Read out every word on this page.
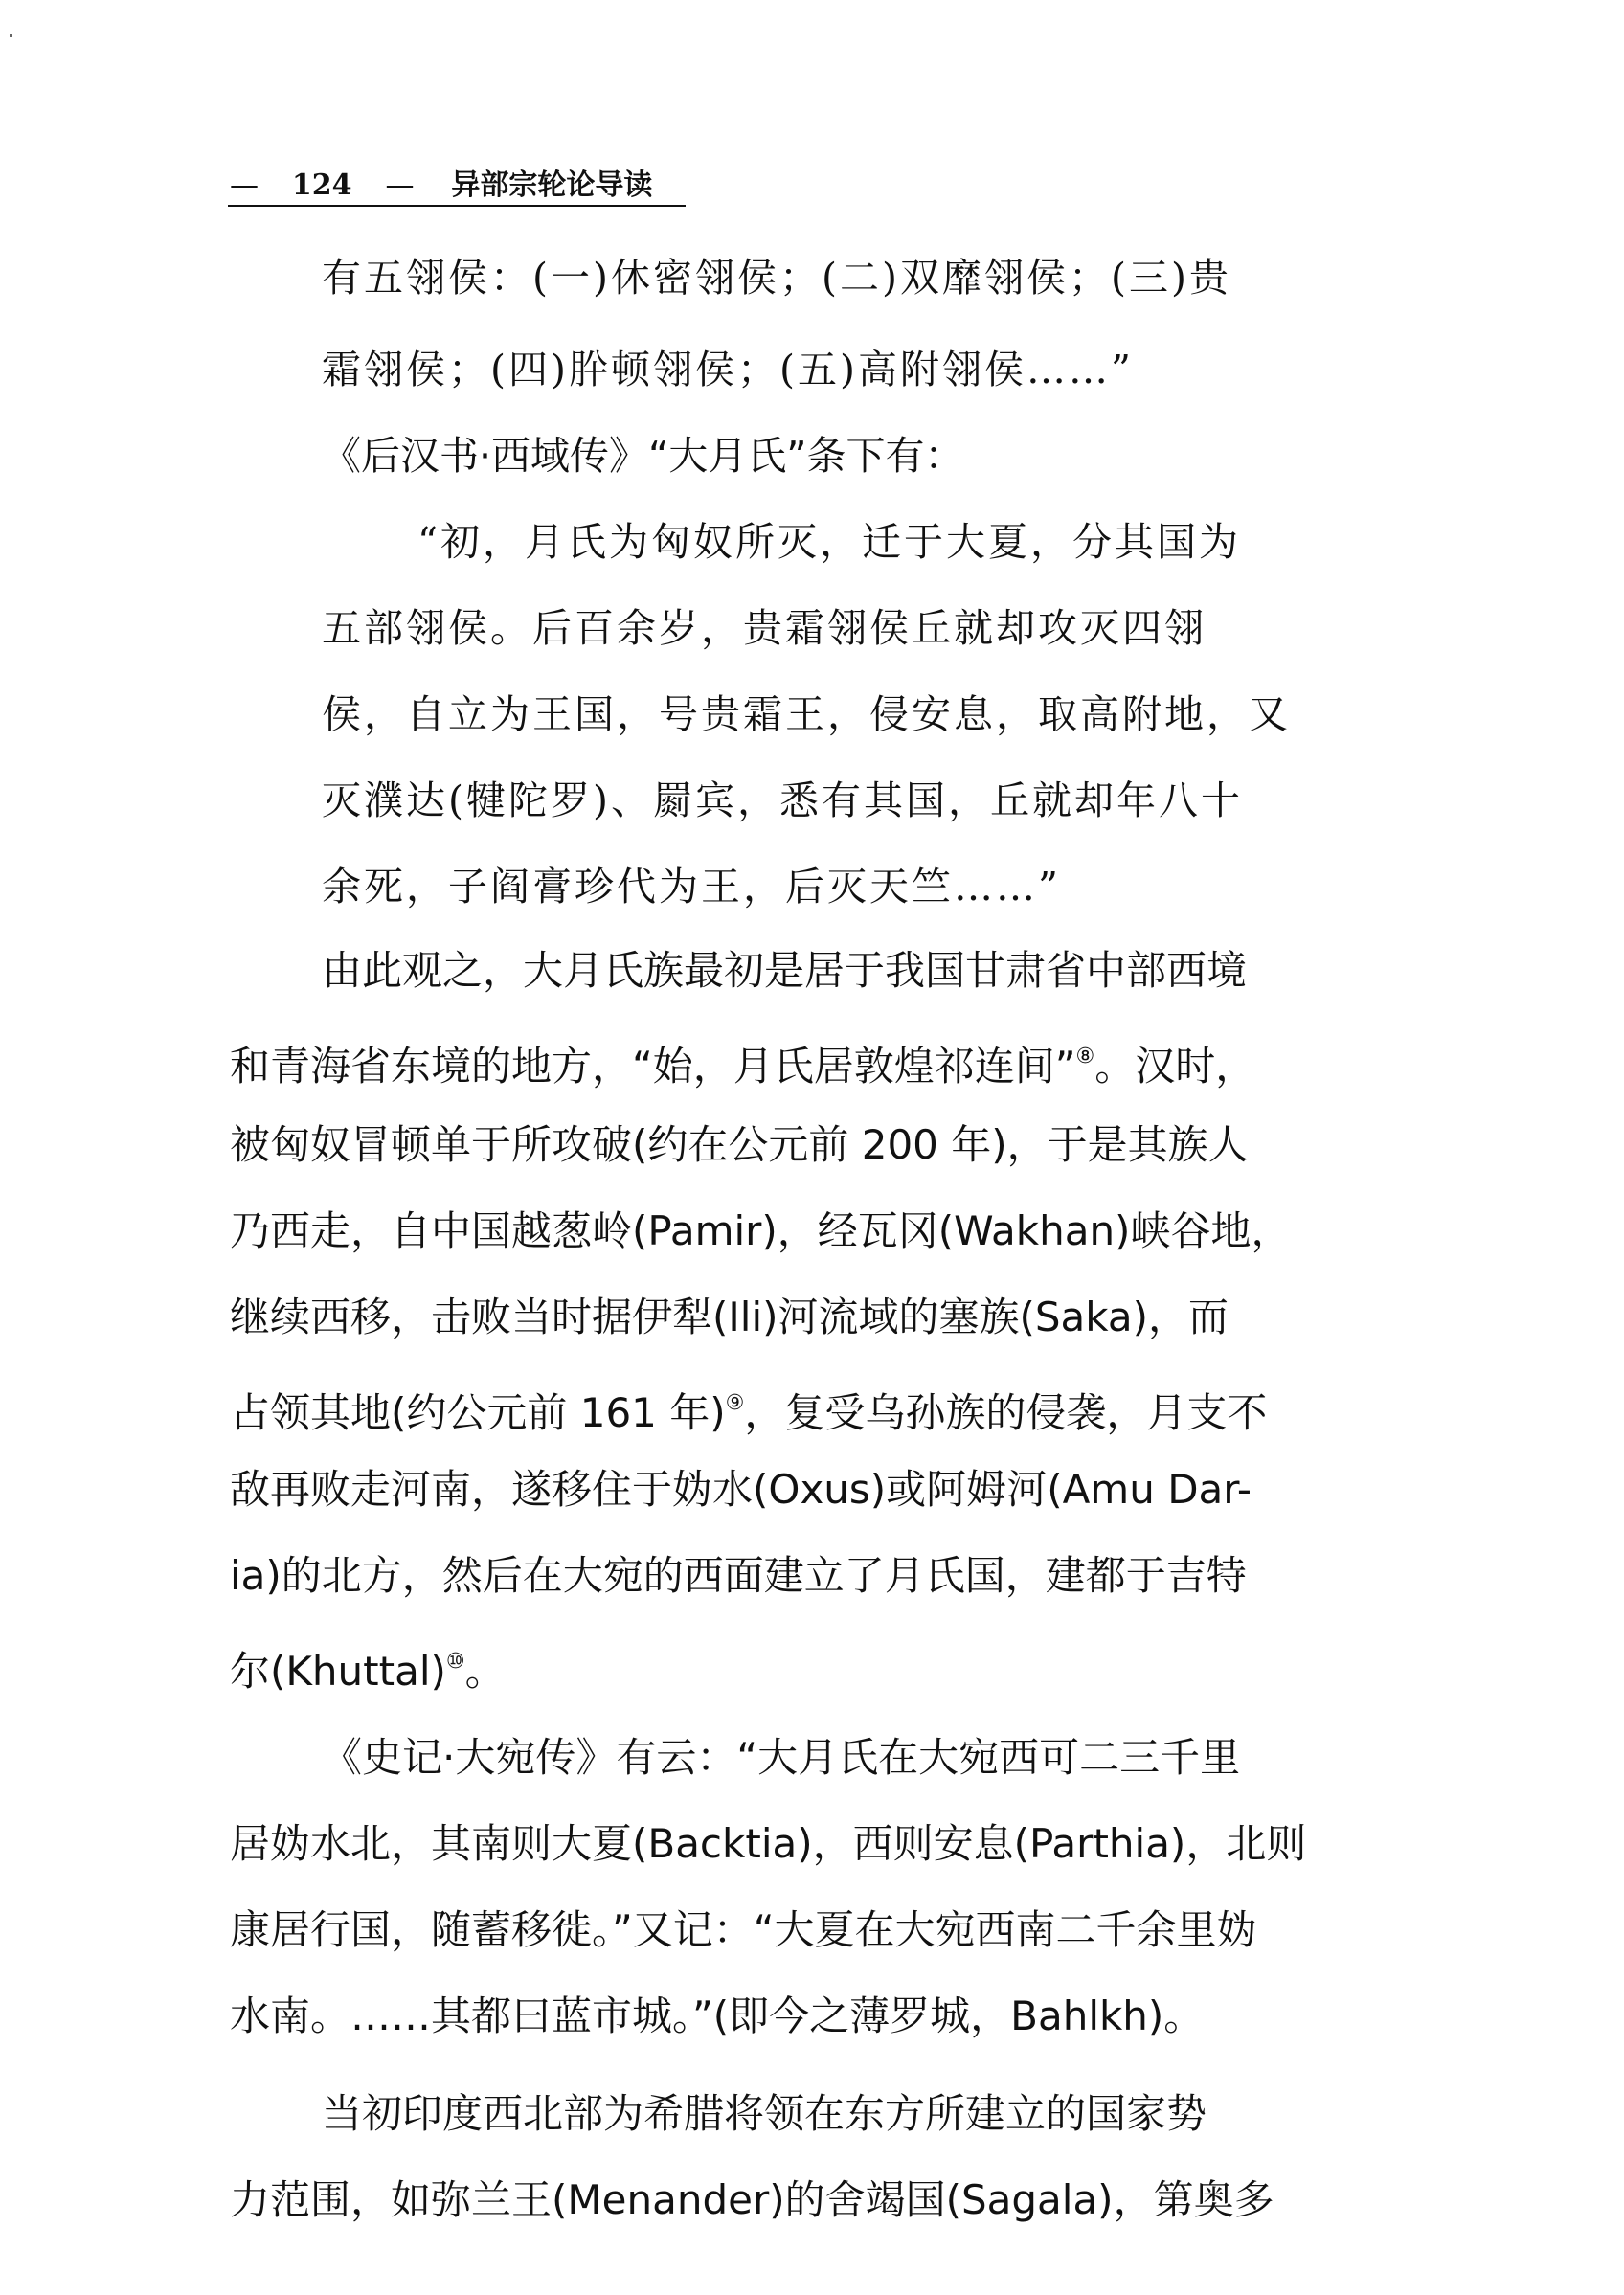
— 124 — 异部宗轮论导读
有五翎侯：(一)休密翎侯；(二)双靡翎侯；(三)贵
霜翎侯；(四)肸顿翎侯；(五)高附翎侯……”
《后汉书·西域传》“大月氏”条下有：
“初，月氏为匈奴所灭，迁于大夏，分其国为
五部翎侯。后百余岁，贵霜翎侯丘就却攻灭四翎
侯，自立为王国，号贵霜王，侵安息，取高附地，又
灭濮达(犍陀罗)、罽宾，悉有其国，丘就却年八十
余死，子阎膏珍代为王，后灭天竺……”
由此观之，大月氏族最初是居于我国甘肃省中部西境
和青海省东境的地方，“始，月氏居敦煌祁连间”⑧。汉时，
被匈奴冒顿单于所攻破(约在公元前 200 年)，于是其族人
乃西走，自中国越葱岭(Pamir)，经瓦冈(Wakhan)峡谷地，
继续西移，击败当时据伊犁(Ili)河流域的塞族(Saka)，而
占领其地(约公元前 161 年)⑨，复受乌孙族的侵袭，月支不
敌再败走河南，遂移住于妫水(Oxus)或阿姆河(Amu Dar-
ia)的北方，然后在大宛的西面建立了月氏国，建都于吉特
尔(Khuttal)⑩。
《史记·大宛传》有云：“大月氏在大宛西可二三千里
居妫水北，其南则大夏(Backtia)，西则安息(Parthia)，北则
康居行国，随蓄移徙。”又记：“大夏在大宛西南二千余里妫
水南。……其都曰蓝市城。”(即今之薄罗城，Bahlkh)。
当初印度西北部为希腊将领在东方所建立的国家势
力范围，如弥兰王(Menander)的舍竭国(Sagala)，第奥多
